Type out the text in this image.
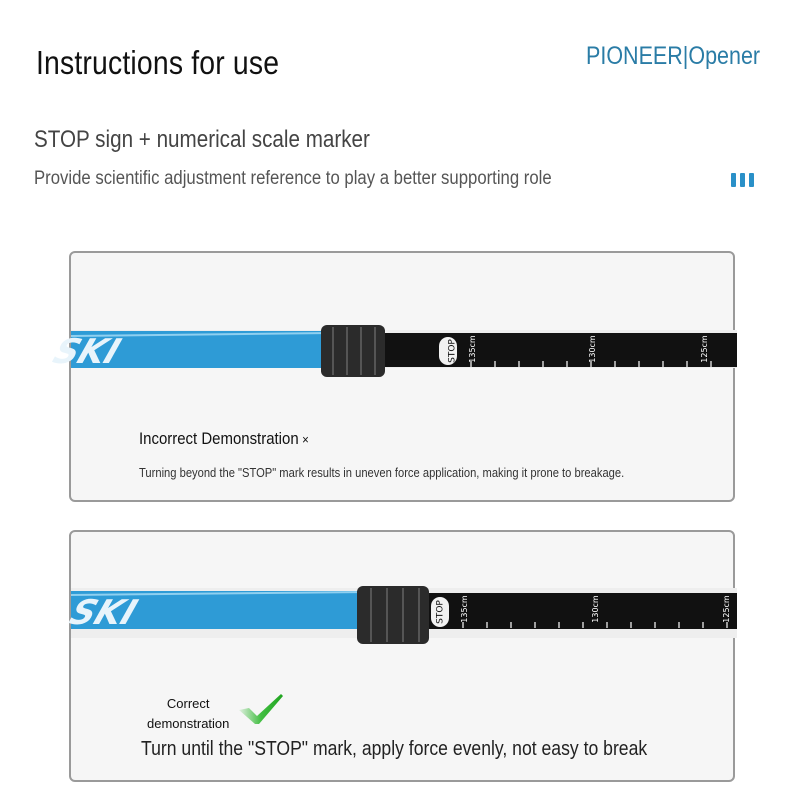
Instructions for use	PIONEER|Opener
STOP sign + numerical scale marker
Provide scientific adjustment reference to play a better supporting role
SKI	STOP 135cm	130cm	125cm
Incorrect Demonstration ×
Turning beyond the "STOP" mark results in uneven force application, making it prone to breakage.
SKI	STOP 135cm	130cm	125cm
Correct
demonstration
Turn until the "STOP" mark, apply force evenly, not easy to break
